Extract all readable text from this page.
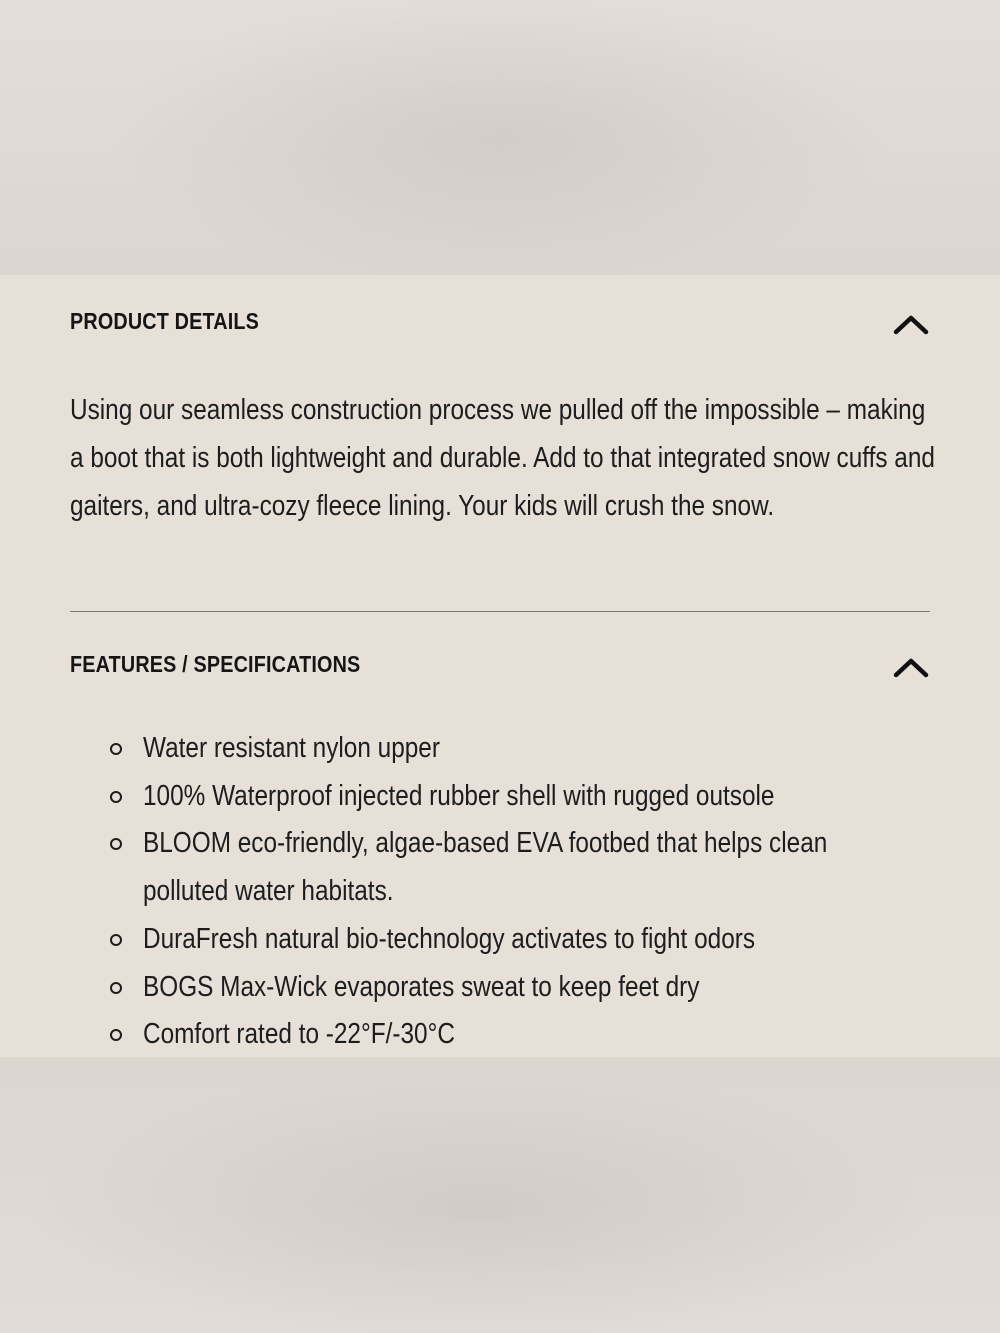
PRODUCT DETAILS

Using our seamless construction process we pulled off the impossible – making a boot that is both lightweight and durable. Add to that integrated snow cuffs and gaiters, and ultra-cozy fleece lining. Your kids will crush the snow.

FEATURES / SPECIFICATIONS
Water resistant nylon upper
100% Waterproof injected rubber shell with rugged outsole
BLOOM eco-friendly, algae-based EVA footbed that helps clean polluted water habitats.
DuraFresh natural bio-technology activates to fight odors
BOGS Max-Wick evaporates sweat to keep feet dry
Comfort rated to -22°F/-30°C
